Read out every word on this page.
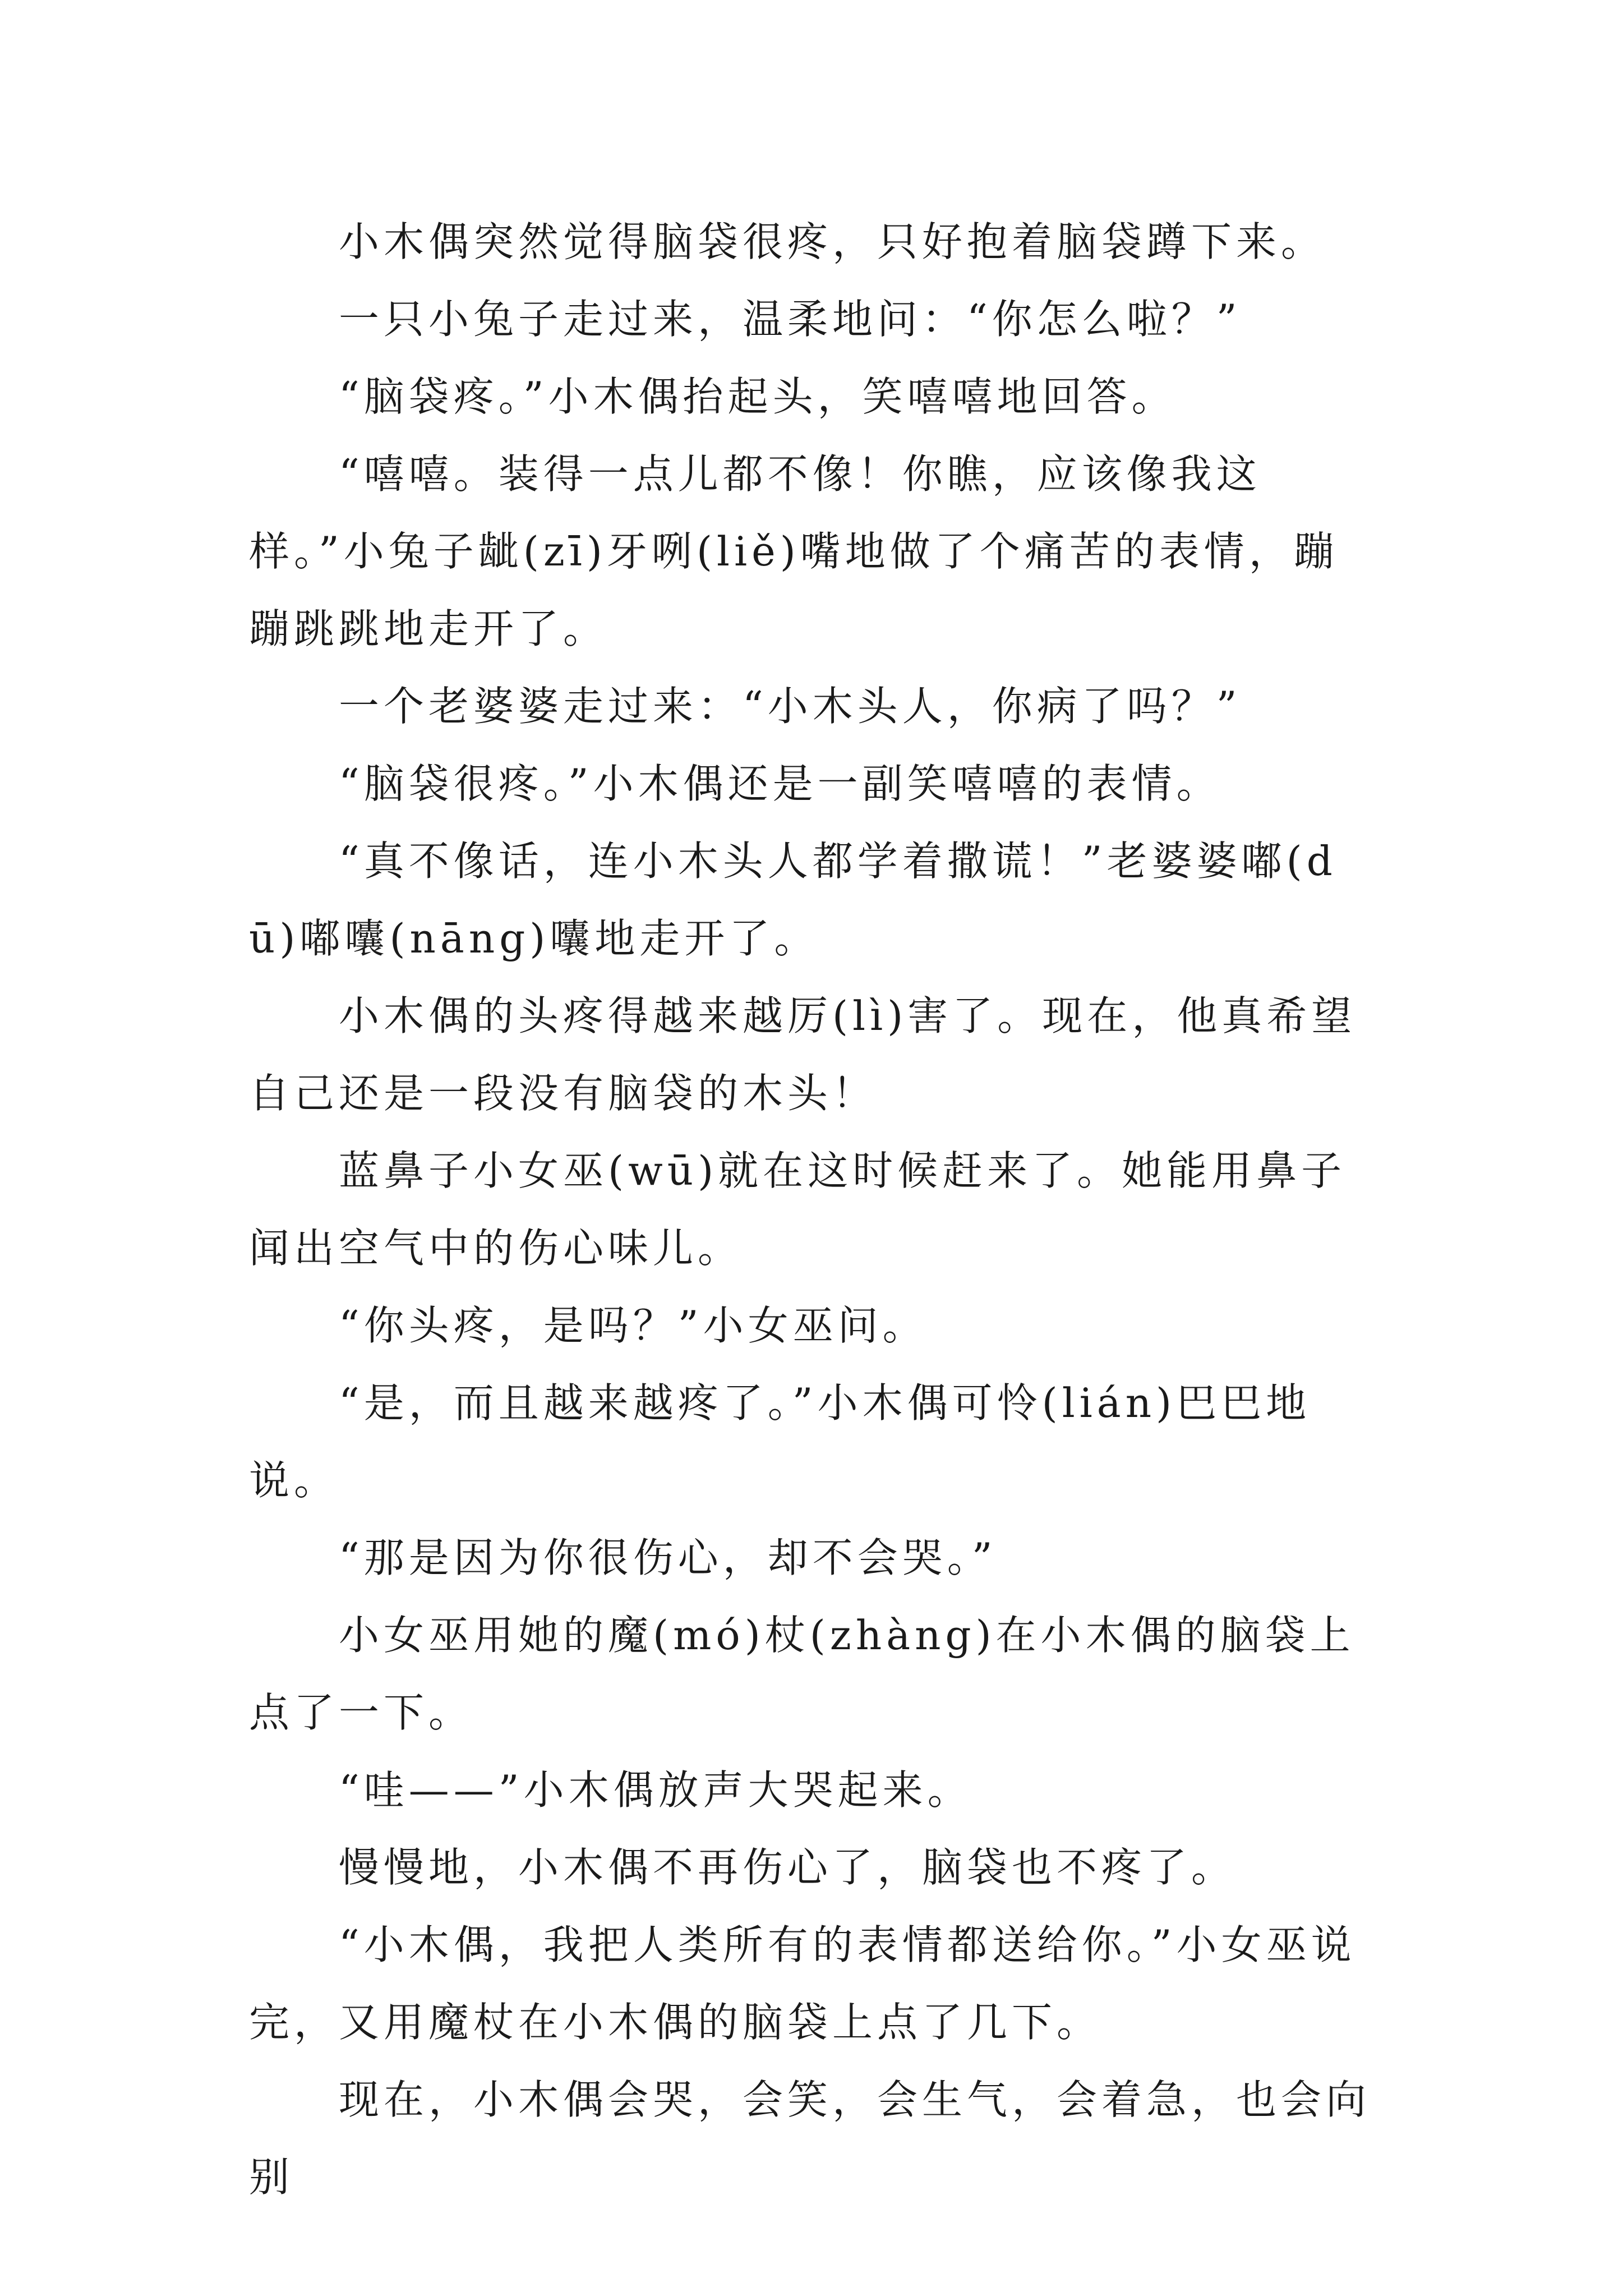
小木偶突然觉得脑袋很疼，只好抱着脑袋蹲下来。

一只小兔子走过来，温柔地问：“你怎么啦？”

“脑袋疼。”小木偶抬起头，笑嘻嘻地回答。

“嘻嘻。装得一点儿都不像！你瞧，应该像我这样。”小兔子龇(zī)牙咧(liě)嘴地做了个痛苦的表情，蹦蹦跳跳地走开了。

一个老婆婆走过来：“小木头人，你病了吗？”

“脑袋很疼。”小木偶还是一副笑嘻嘻的表情。

“真不像话，连小木头人都学着撒谎！”老婆婆嘟(dū)嘟囔(nāng)囔地走开了。

小木偶的头疼得越来越厉(lì)害了。现在，他真希望自己还是一段没有脑袋的木头！

蓝鼻子小女巫(wū)就在这时候赶来了。她能用鼻子闻出空气中的伤心味儿。

“你头疼，是吗？”小女巫问。

“是，而且越来越疼了。”小木偶可怜(lián)巴巴地说。

“那是因为你很伤心，却不会哭。”

小女巫用她的魔(mó)杖(zhàng)在小木偶的脑袋上点了一下。

“哇——”小木偶放声大哭起来。

慢慢地，小木偶不再伤心了，脑袋也不疼了。

“小木偶，我把人类所有的表情都送给你。”小女巫说完，又用魔杖在小木偶的脑袋上点了几下。

现在，小木偶会哭，会笑，会生气，会着急，也会向别
